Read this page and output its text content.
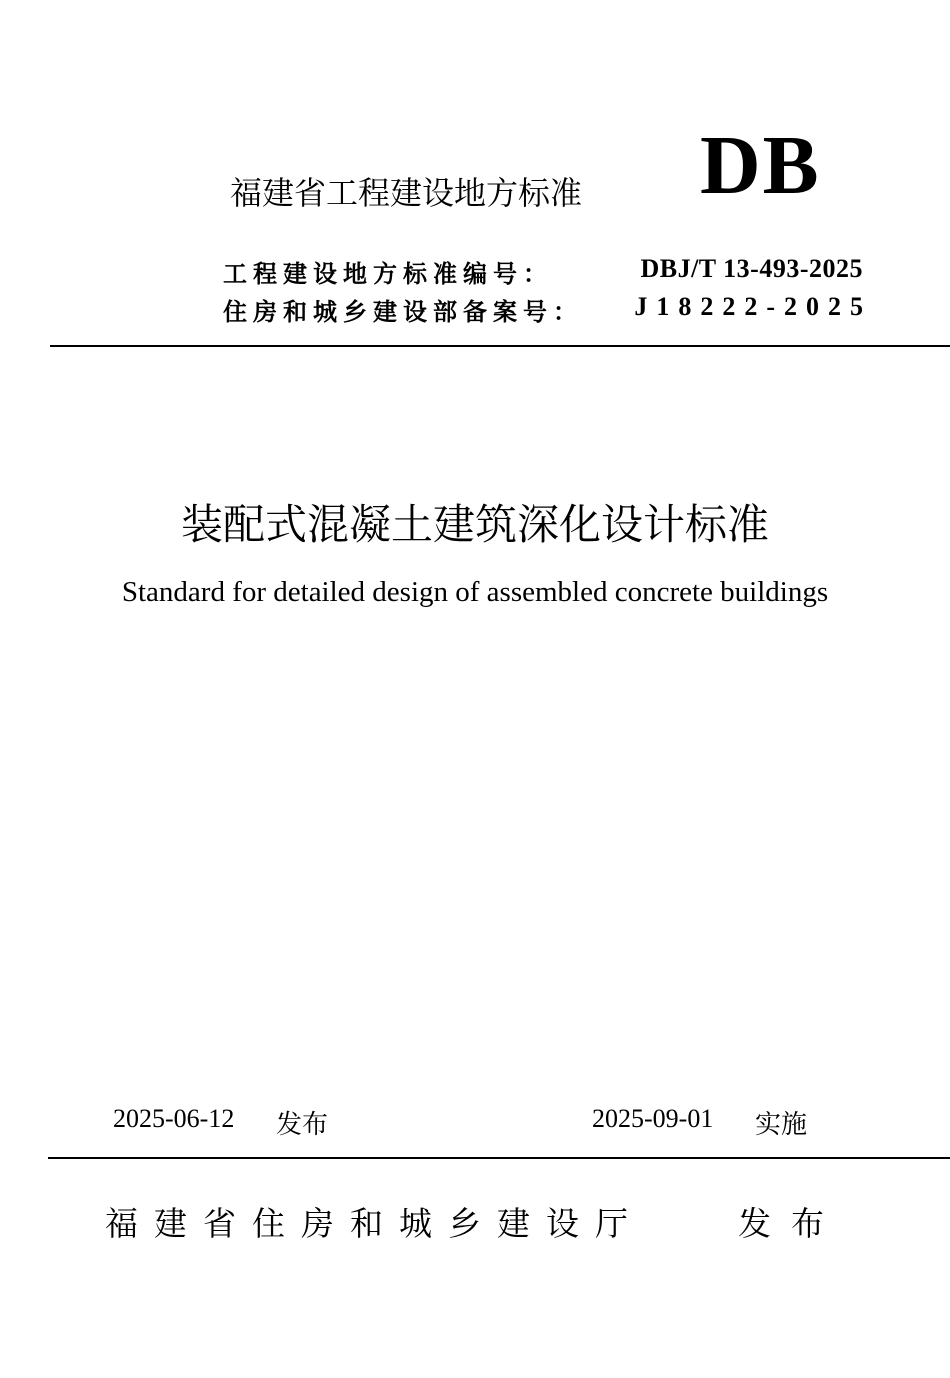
福建省工程建设地方标准 DB
工程建设地方标准编号：	DBJ/T 13-493-2025
住房和城乡建设部备案号： J18222-2025
装配式混凝土建筑深化设计标准
Standard for detailed design of assembled concrete buildings
2025-06-12 发布	2025-09-01 实施
福建省住房和城乡建设厅	发布
